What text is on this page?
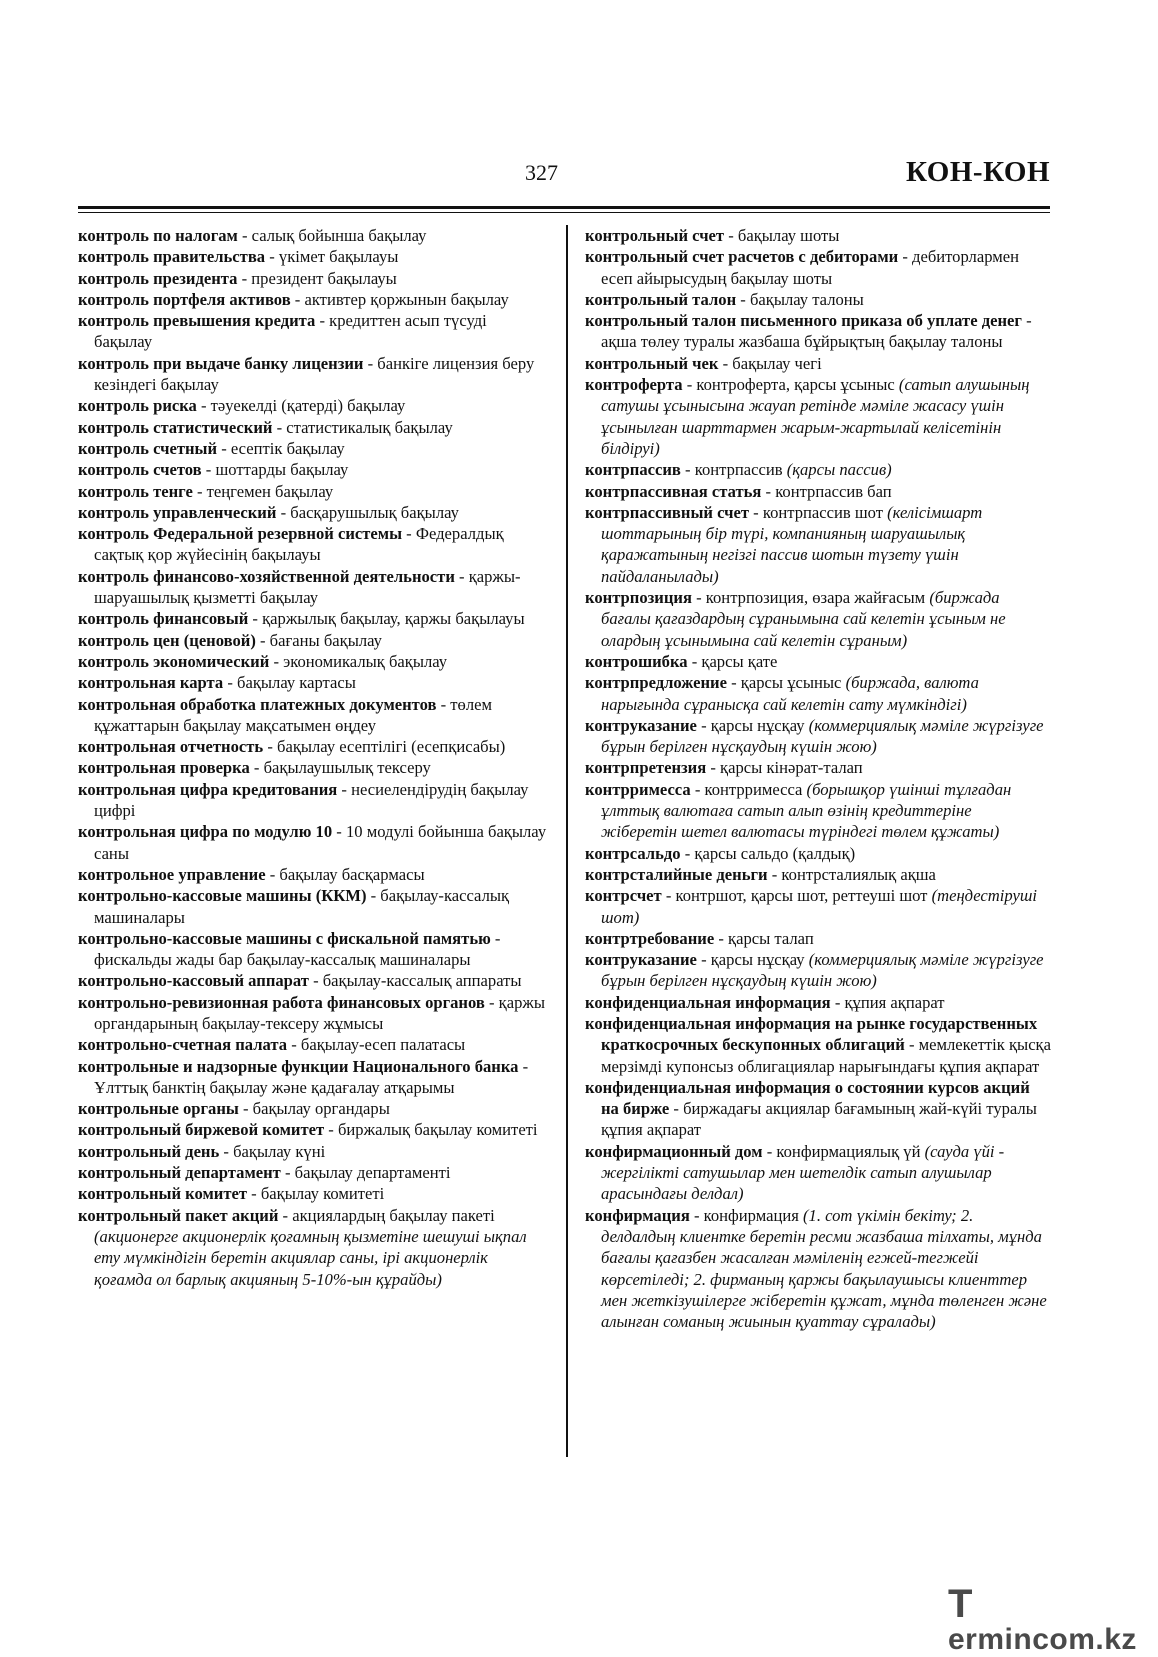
327	КОН-КОН
контроль по налогам - салық бойынша бақылау
контроль правительства - үкімет бақылауы
контроль президента - президент бақылауы
контроль портфеля активов - активтер қоржынын бақылау
контроль превышения кредита - кредиттен асып түсуді бақылау
контроль при выдаче банку лицензии - банкіге лицензия беру кезіндегі бақылау
контроль риска - тәуекелді (қатерді) бақылау
контроль статистический - статистикалық бақылау
контроль счетный - есептік бақылау
контроль счетов - шоттарды бақылау
контроль тенге - теңгемен бақылау
контроль управленческий - басқарушылық бақылау
контроль Федеральной резервной системы - Федералдық сақтық қор жүйесінің бақылауы
контроль финансово-хозяйственной деятельности - қаржы-шаруашылық қызметті бақылау
контроль финансовый - қаржылық бақылау, қаржы бақылауы
контроль цен (ценовой) - бағаны бақылау
контроль экономический - экономикалық бақылау
контрольная карта - бақылау картасы
контрольная обработка платежных документов - төлем құжаттарын бақылау мақсатымен өңдеу
контрольная отчетность - бақылау есептілігі (есепқисабы)
контрольная проверка - бақылаушылық тексеру
контрольная цифра кредитования - несиелендірудің бақылау цифрі
контрольная цифра по модулю 10 - 10 модулі бойынша бақылау саны
контрольное управление - бақылау басқармасы
контрольно-кассовые машины (ККМ) - бақылау-кассалық машиналары
контрольно-кассовые машины с фискальной памятью - фискальды жады бар бақылау-кассалық машиналары
контрольно-кассовый аппарат - бақылау-кассалық аппараты
контрольно-ревизионная работа финансовых органов - қаржы органдарының бақылау-тексеру жұмысы
контрольно-счетная палата - бақылау-есеп палатасы
контрольные и надзорные функции Национального банка - Ұлттық банктің бақылау және қадағалау атқарымы
контрольные органы - бақылау органдары
контрольный биржевой комитет - биржалық бақылау комитеті
контрольный день - бақылау күні
контрольный департамент - бақылау департаменті
контрольный комитет - бақылау комитеті
контрольный пакет акций - акциялардың бақылау пакеті (акционерге акционерлік қоғамның қызметіне шешуші ықпал ету мүмкіндігін беретін акциялар саны, ірі акционерлік қоғамда ол барлық акцияның 5-10%-ын құрайды)
контрольный счет - бақылау шоты
контрольный счет расчетов с дебиторами - дебиторлармен есеп айырысудың бақылау шоты
контрольный талон - бақылау талоны
контрольный талон письменного приказа об уплате денег - ақша төлеу туралы жазбаша бұйрықтың бақылау талоны
контрольный чек - бақылау чегі
контроферта - контроферта, қарсы ұсыныс (сатып алушының сатушы ұсынысына жауап ретінде мәміле жасасу үшін ұсынылған шарттармен жарым-жартылай келісетінін білдіруі)
контрпассив - контрпассив (қарсы пассив)
контрпассивная статья - контрпассив бап
контрпассивный счет - контрпассив шот (келісімшарт шоттарының бір түрі, компанияның шаруашылық қаражатының негізгі пассив шотын түзету үшін пайдаланылады)
контрпозиция - контрпозиция, өзара жайғасым (биржада бағалы қағаздардың сұранымына сай келетін ұсыным не олардың ұсынымына сай келетін сұраным)
контрошибка - қарсы қате
контрпредложение - қарсы ұсыныс (биржада, валюта нарығында сұранысқа сай келетін сату мүмкіндігі)
контруказание - қарсы нұсқау (коммерциялық мәміле жүргізуге бұрын берілген нұсқаудың күшін жою)
контрпретензия - қарсы кінәрат-талап
контрримесса - контрримесса (борышқор үшінші тұлғадан ұлттық валютаға сатып алып өзінің кредиттеріне жіберетін шетел валютасы түріндегі төлем құжаты)
контрсальдо - қарсы сальдо (қалдық)
контрсталийные деньги - контрсталиялық ақша
контрсчет - контршот, қарсы шот, реттеуші шот (теңдестіруші шот)
контртребование - қарсы талап
контруказание - қарсы нұсқау (коммерциялық мәміле жүргізуге бұрын берілген нұсқаудың күшін жою)
конфиденциальная информация - құпия ақпарат
конфиденциальная информация на рынке государственных краткосрочных бескупонных облигаций - мемлекеттік қысқа мерзімді купонсыз облигациялар нарығындағы құпия ақпарат
конфиденциальная информация о состоянии курсов акций на бирже - биржадағы акциялар бағамының жай-күйі туралы құпия ақпарат
конфирмационный дом - конфирмациялық үй (сауда үйі - жергілікті сатушылар мен шетелдік сатып алушылар арасындағы делдал)
конфирмация - конфирмация (1. сот үкімін бекіту; 2. делдалдың клиентке беретін ресми жазбаша тілхаты, мұнда бағалы қағазбен жасалған мәміленің егжей-тегжейі көрсетіледі; 2. фирманың қаржы бақылаушысы клиенттер мен жеткізушілерге жіберетін құжат, мұнда төленген және алынған соманың жиынын қуаттау сұралады)
Termincom.kz
